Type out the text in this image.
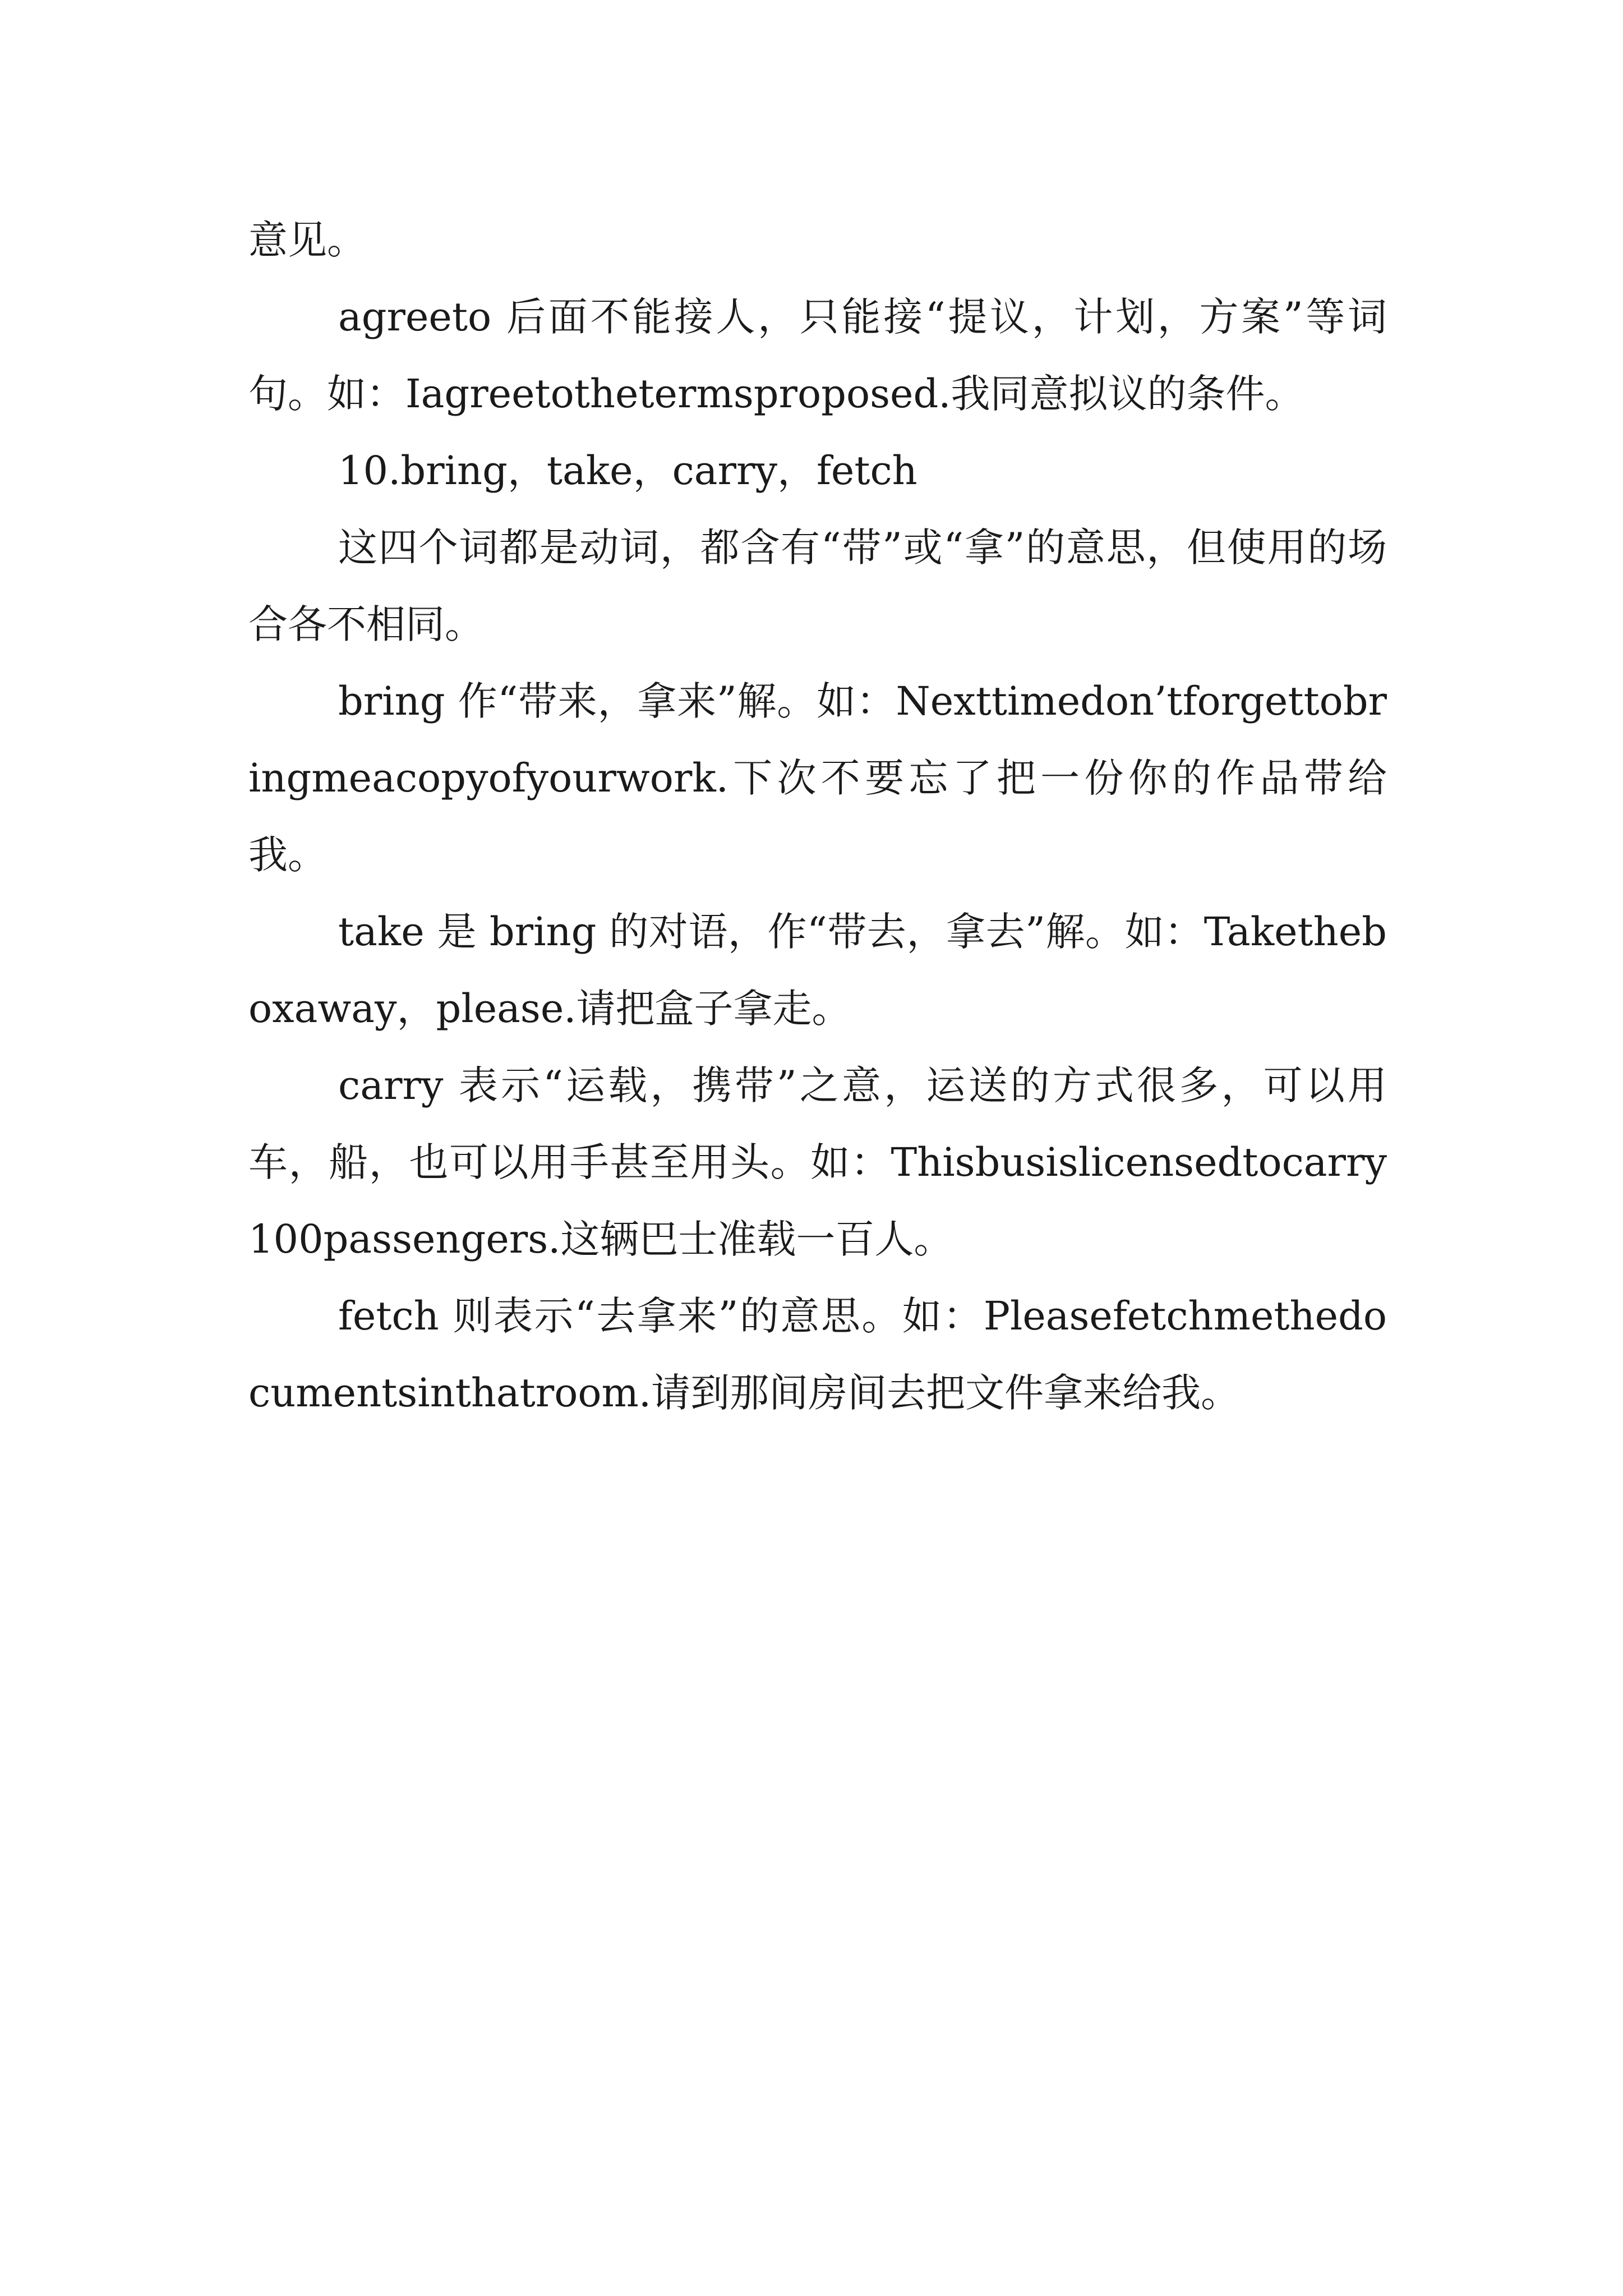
意见。

agreeto 后面不能接人，只能接“提议，计划，方案”等词句。如：Iagreetothetermsproposed.我同意拟议的条件。

10.bring，take，carry，fetch

这四个词都是动词，都含有“带”或“拿”的意思，但使用的场合各不相同。

bring 作“带来，拿来”解。如：Nexttimedon’tforgettobringmeacopyofyourwork.下次不要忘了把一份你的作品带给我。

take 是 bring 的对语，作“带去，拿去”解。如：Taketheboxaway，please.请把盒子拿走。

carry 表示“运载，携带”之意，运送的方式很多，可以用车，船，也可以用手甚至用头。如：Thisbusislicensedtocarry100passengers.这辆巴士准载一百人。

fetch 则表示“去拿来”的意思。如：Pleasefetchmethedocumentsinthatroom.请到那间房间去把文件拿来给我。
